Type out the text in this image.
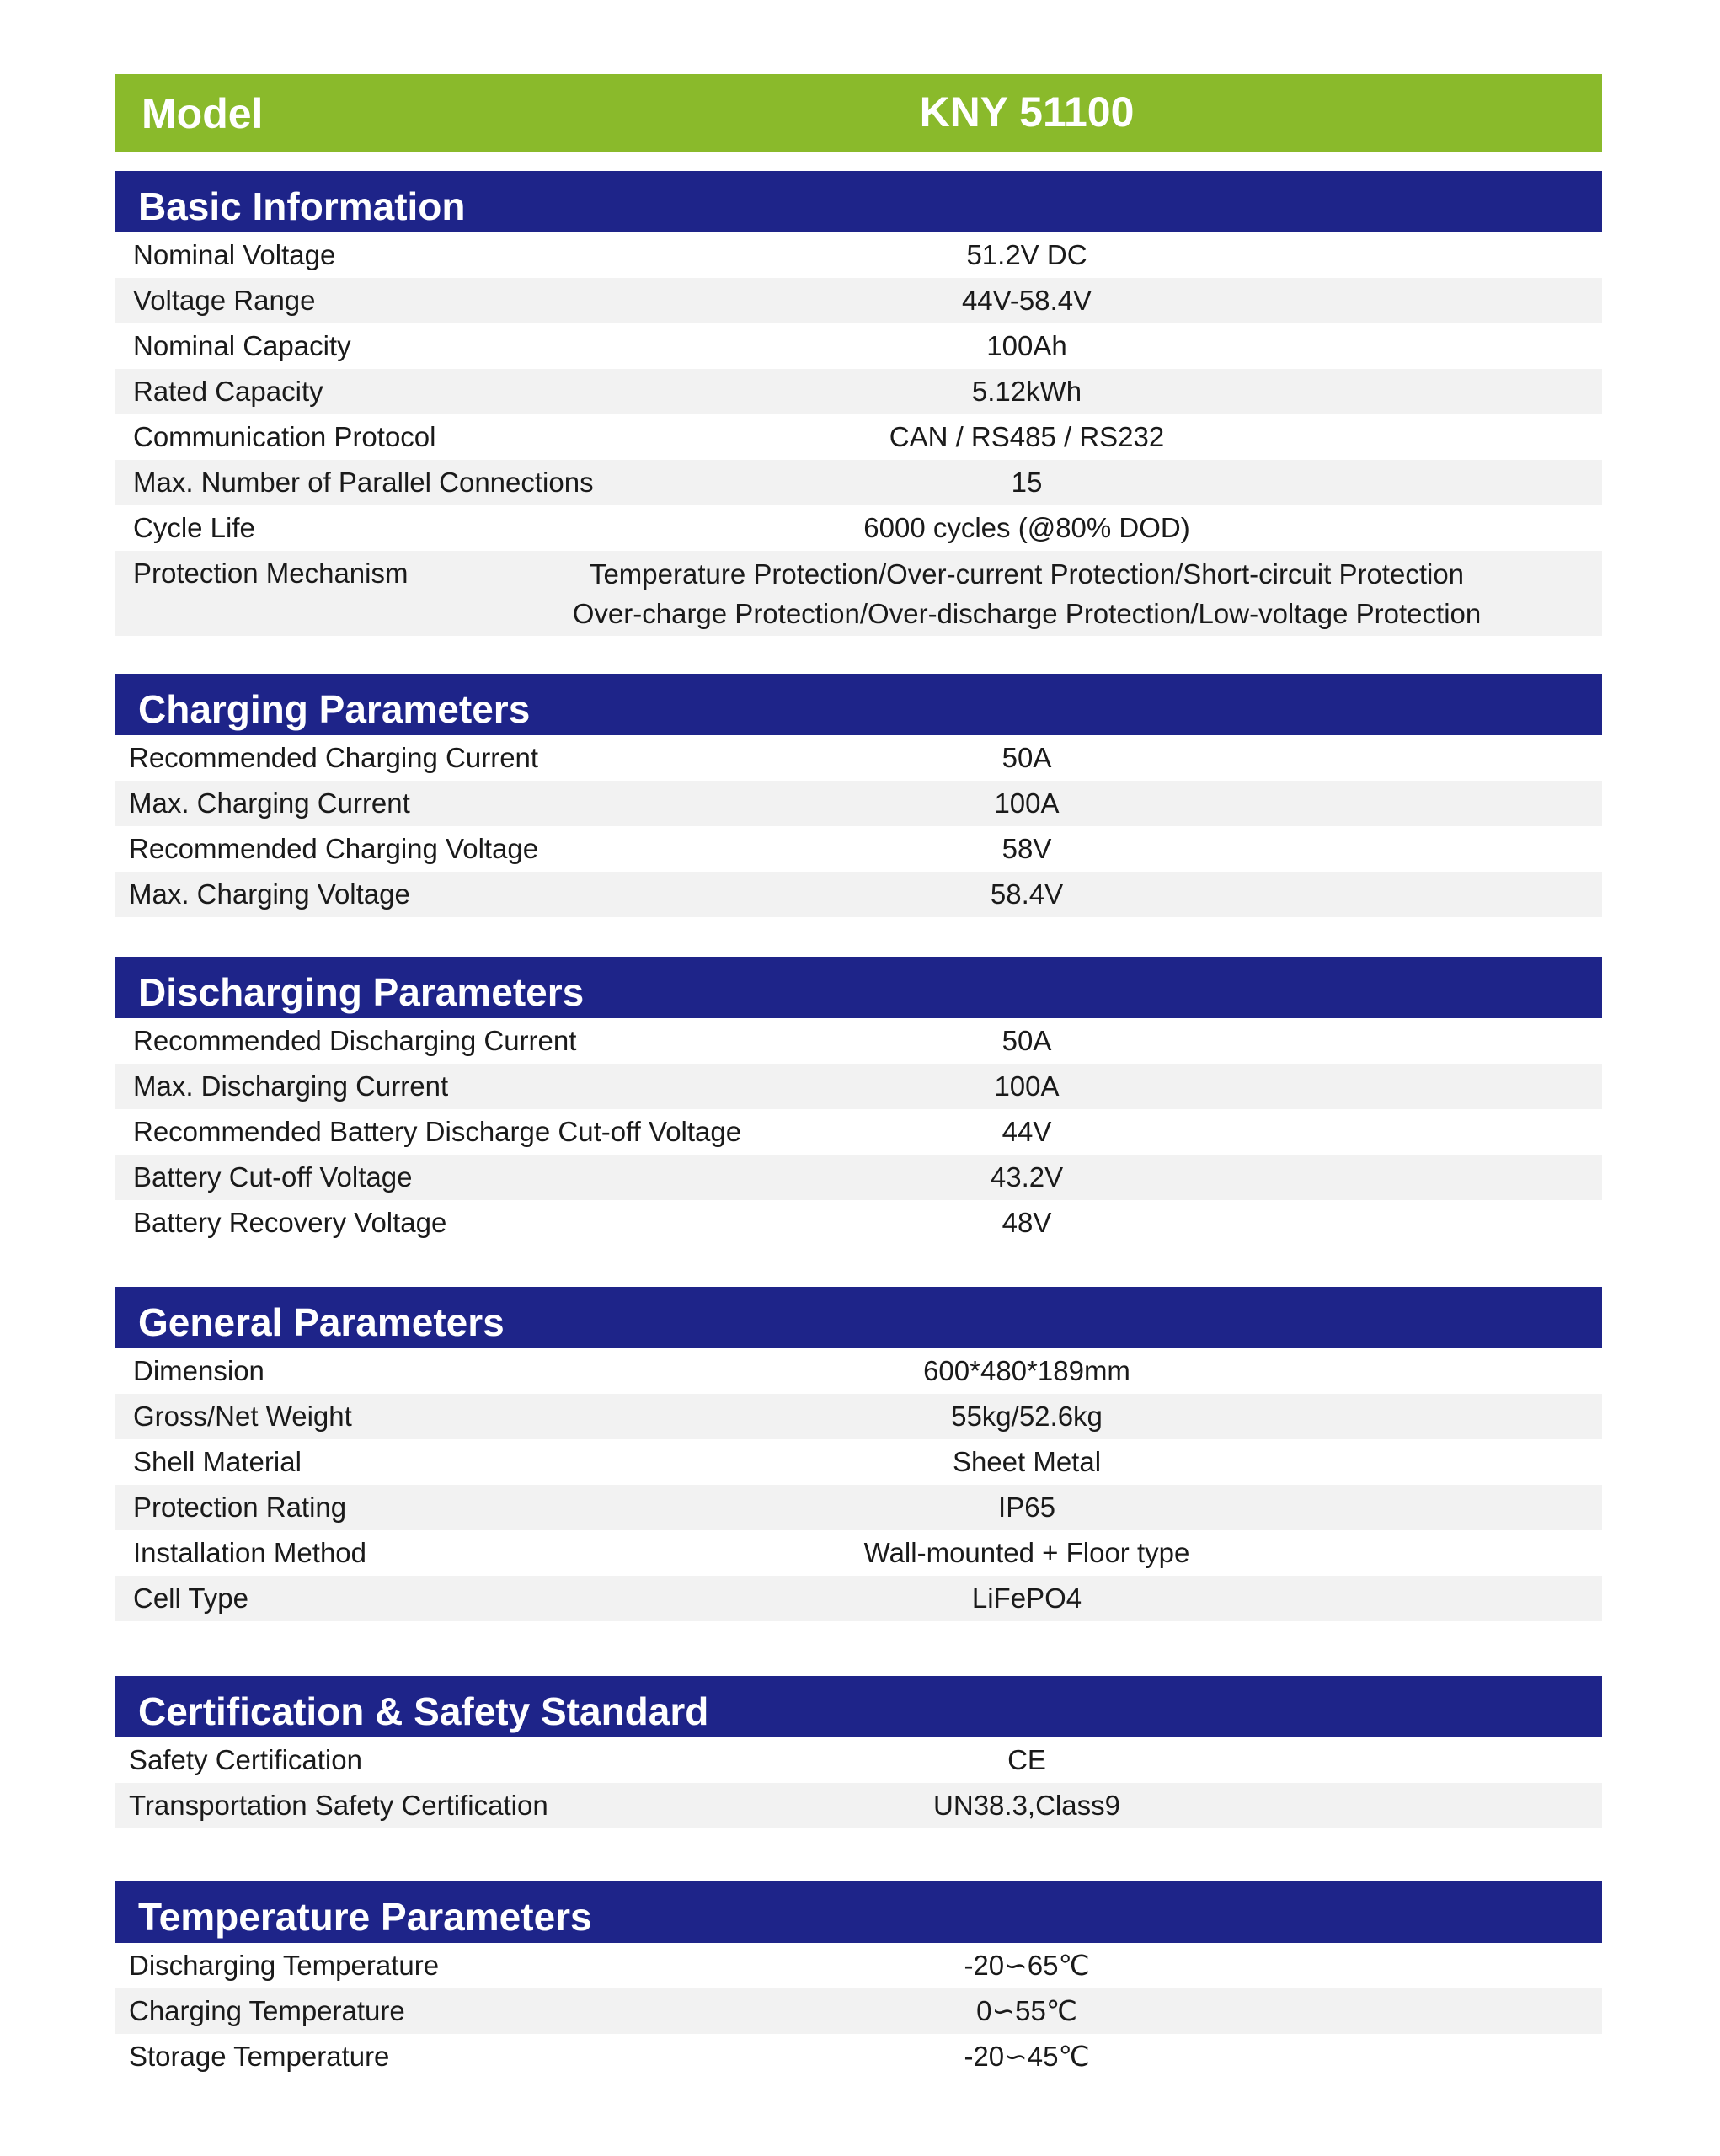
Model	KNY 51100
Basic Information
Nominal Voltage	51.2V DC
Voltage Range	44V-58.4V
Nominal Capacity	100Ah
Rated Capacity	5.12kWh
Communication Protocol	CAN / RS485 / RS232
Max. Number of Parallel Connections	15
Cycle Life	6000 cycles (@80% DOD)
Protection Mechanism	Temperature Protection/Over-current Protection/Short-circuit Protection
Over-charge Protection/Over-discharge Protection/Low-voltage Protection
Charging Parameters
Recommended Charging Current	50A
Max. Charging Current	100A
Recommended Charging Voltage	58V
Max. Charging Voltage	58.4V
Discharging Parameters
Recommended Discharging Current	50A
Max. Discharging Current	100A
Recommended Battery Discharge Cut-off Voltage	44V
Battery Cut-off Voltage	43.2V
Battery Recovery Voltage	48V
General Parameters
Dimension	600*480*189mm
Gross/Net Weight	55kg/52.6kg
Shell Material	Sheet Metal
Protection Rating	IP65
Installation Method	Wall-mounted + Floor type
Cell Type	LiFePO4
Certification & Safety Standard
Safety Certification	CE
Transportation Safety Certification	UN38.3,Class9
Temperature Parameters
Discharging Temperature	-20∽65℃
Charging Temperature	0∽55℃
Storage Temperature	-20∽45℃
